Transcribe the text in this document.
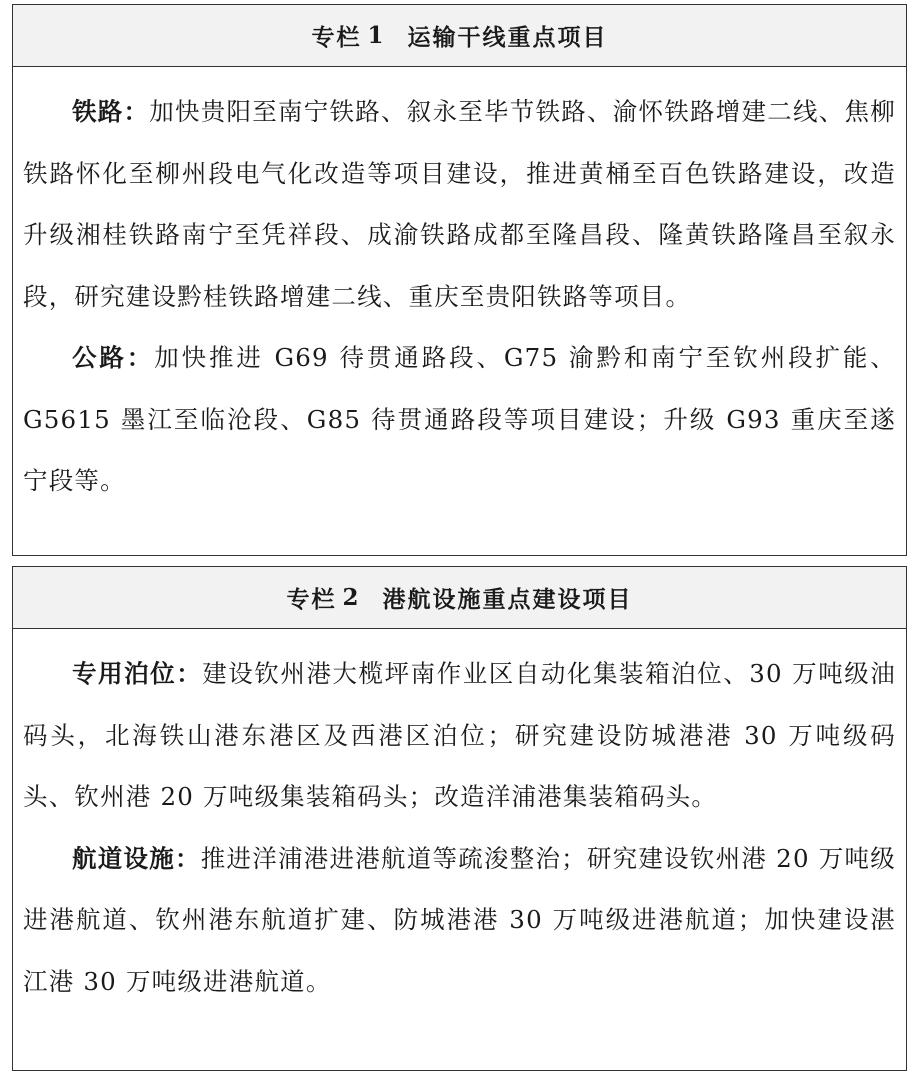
专栏 1 运输干线重点项目

铁路：加快贵阳至南宁铁路、叙永至毕节铁路、渝怀铁路增建二线、焦柳铁路怀化至柳州段电气化改造等项目建设，推进黄桶至百色铁路建设，改造升级湘桂铁路南宁至凭祥段、成渝铁路成都至隆昌段、隆黄铁路隆昌至叙永段，研究建设黔桂铁路增建二线、重庆至贵阳铁路等项目。

公路：加快推进 G69 待贯通路段、G75 渝黔和南宁至钦州段扩能、G5615 墨江至临沧段、G85 待贯通路段等项目建设；升级 G93 重庆至遂宁段等。

专栏 2 港航设施重点建设项目

专用泊位：建设钦州港大榄坪南作业区自动化集装箱泊位、30 万吨级油码头，北海铁山港东港区及西港区泊位；研究建设防城港港 30 万吨级码头、钦州港 20 万吨级集装箱码头；改造洋浦港集装箱码头。

航道设施：推进洋浦港进港航道等疏浚整治；研究建设钦州港 20 万吨级进港航道、钦州港东航道扩建、防城港港 30 万吨级进港航道；加快建设湛江港 30 万吨级进港航道。
